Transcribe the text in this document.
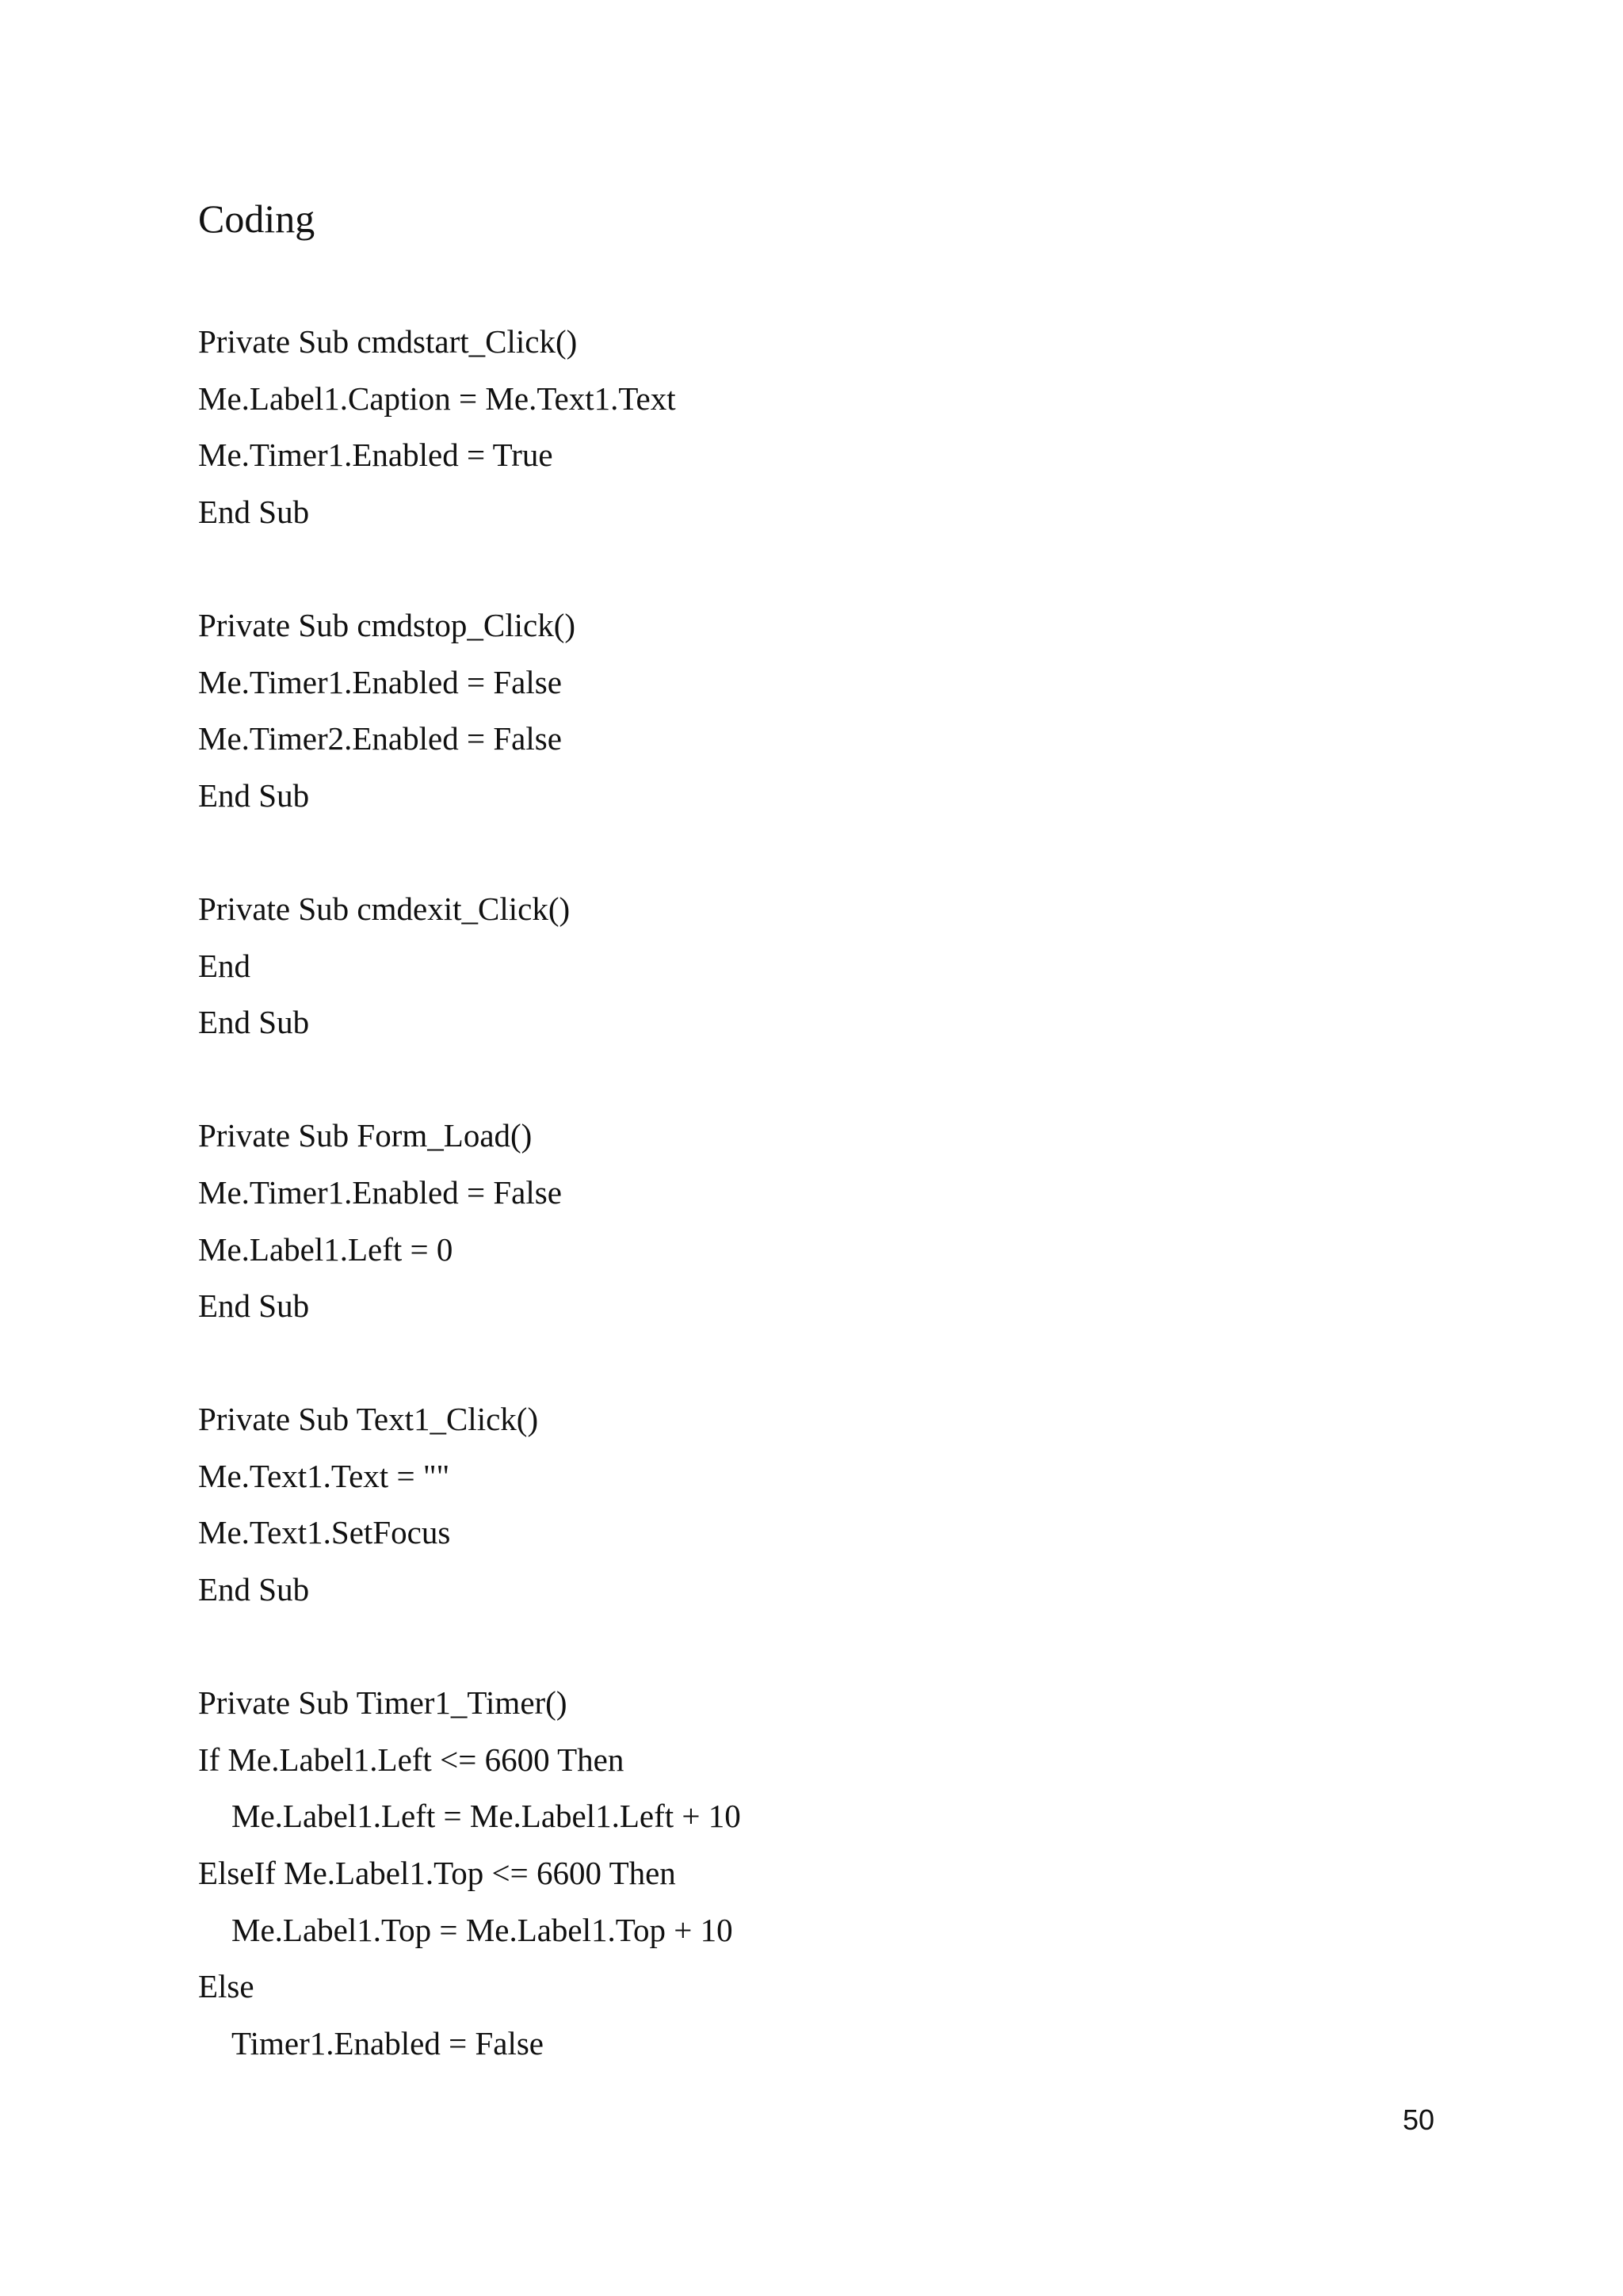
Coding
Private Sub cmdstart_Click()
Me.Label1.Caption = Me.Text1.Text
Me.Timer1.Enabled = True
End Sub
Private Sub cmdstop_Click()
Me.Timer1.Enabled = False
Me.Timer2.Enabled = False
End Sub
Private Sub cmdexit_Click()
End
End Sub
Private Sub Form_Load()
Me.Timer1.Enabled = False
Me.Label1.Left = 0
End Sub
Private Sub Text1_Click()
Me.Text1.Text = ""
Me.Text1.SetFocus
End Sub
Private Sub Timer1_Timer()
If Me.Label1.Left <= 6600 Then
Me.Label1.Left = Me.Label1.Left + 10
ElseIf Me.Label1.Top <= 6600 Then
Me.Label1.Top = Me.Label1.Top + 10
Else
Timer1.Enabled = False
50
